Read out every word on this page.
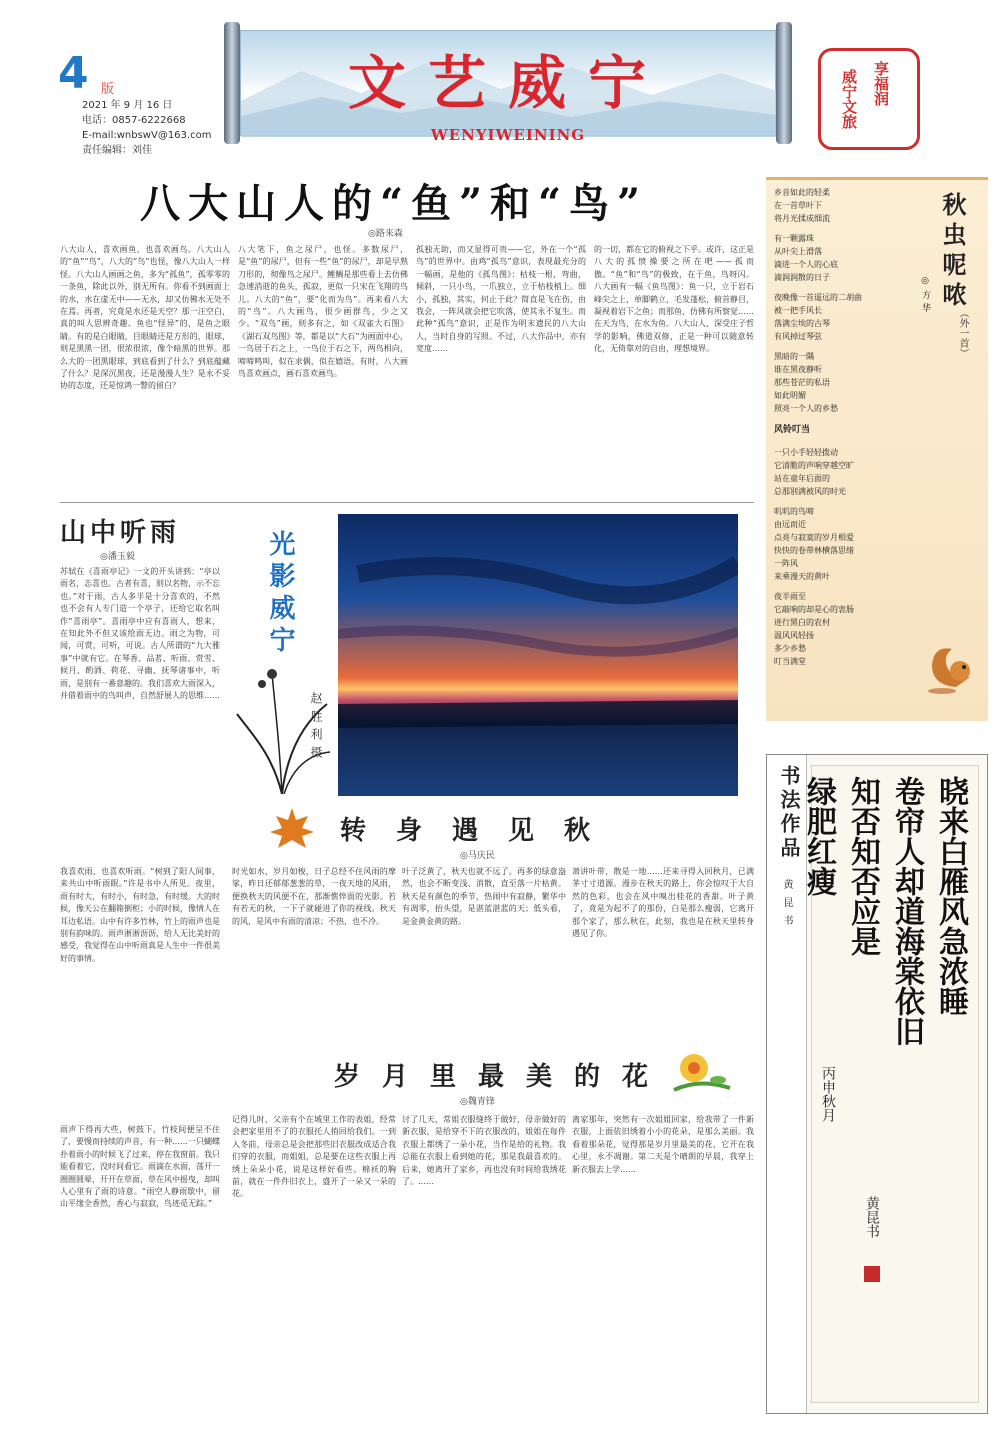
4 版
2021 年 9 月 16 日
电话：0857-6222668
E-mail:wnbswV@163.com
责任编辑：刘佳
文艺威宁
WENYIWEINING
享福润
威宁文旅
八大山人的“鱼”和“鸟”
◎路来森
八大山人，喜欢画鱼，也喜欢画鸟。八大山人的“鱼”“鸟”，八大的“鸟”也怪，像八大山人一样怪。八大山人画画之鱼，多为“孤鱼”，孤零零的一条鱼，除此以外，别无所有。你看不到画面上的水，水在虚无中——无水，却又仿佛水无处不在焉。再者，究竟是水还是天空？那一汪空白，真的叫人思辨奇趣。鱼也“怪异”的，是鱼之眼睛。有的是白眼睛，目眼睛还是方形的，眼球，则是黑黑一团，很浓很浓，像个暗黑的世界。那么大的一团黑眼球，到底看到了什么？到底蕴藏了什么？是深沉黑夜，还是漫漫人生？是永不妥协的态度，还是惊鸿一瞥的留白？
八大笔下，鱼之尿尸，也怪。多数尿尸，是“鱼”的尿尸，但有一些“鱼”的尿尸，却是早熟刀形的，彻像鸟之尿尸。鲤鲷是那些看上去仿佛急速消逝的鱼头，孤寂，更似一只宋在飞翔的鸟儿。八大的“鱼”，要“化而为鸟”。再来看八大的“鸟”。八大画鸟，很少画群鸟，少之又少。“双鸟”画，则多有之，如《双雀大石图》《湖石双鸟图》等，都是以“大石”为画面中心，一鸟居于石之上，一鸟位于石之下，两鸟相向，啼啼鸣叫，似在求偶，似在嬉语。有时，八大画鸟喜欢画点，画石喜欢画鸟。
孤独无助，而又显得可贵——它，外在一个“孤鸟”的世界中。由鸡“孤鸟”意识，表现最充分的一幅画，是他的《孤鸟图》：枯枝一根，弯曲，倾斜，一只小鸟，一爪独立，立于枯枝梢上。细小，孤独，其实，何止于此？简直是飞在伤，由我会，一阵风就会把它吹落，使其永不复生。而此种“孤鸟”意识，正是作为明末遗民的八大山人，当时自身的写照。不过，八大作品中，亦有宽度……
的一切，都在它的俯视之下乎。或许，这正是八大的孤愤操要之所在吧——孤而傲。“鱼”和“鸟”的极致，在于鱼，鸟呀闪。八大画有一幅《鱼鸟图》：鱼一只，立于岩石峰尖之上，单脚鹤立，毛发蓬松，俯首静目，凝视着岩下之鱼；而那鱼，仿佛有所察觉……在天为鸟，在水为鱼。八大山人，深受庄子哲学的影响，佛道双修，正是一种可以随意转化，无倚靠对的自由，理想境界。
山中听雨
◎潘玉毅
苏轼在《喜雨亭记》一文的开头讲到：“亭以雨名，志喜也。古者有喜，则以名物，示不忘也。”对于雨，古人多半是十分喜欢的，不然也不会有人专门造一个亭子，还给它取名叫作“喜雨亭”。喜雨亭中应有喜雨人，想来，在知此外不但又该给雨无边。雨之为物，可闻，可赏，可听，可说。古人所谓的“九大雅事”中就有它。在琴香、品茗、听雨、赏雪、候月、酌酒、荷花、寻幽、抚琴诸事中，听雨，是别有一番意趣的。我们喜欢大雨深入，并借着雨中的鸟叫声，自然舒展人的思维……
我喜欢雨，也喜欢听雨。“树到了阳人间事，来共山中听雨眠。”许是书中人所见。夜里，雨有时大，有时小，有时急，有时缓。大的时候，像天公在翻箱倒柜；小的时候，像情人在耳边私语。山中有许多竹林，竹上的雨声也是别有韵味的。雨声淅淅沥沥，给人无比美好的感受，我觉得在山中听雨真是人生中一件很美好的事情。
雨声下得再大些，树鼓下，竹枝间便呈不住了，要慢而持续的声音，有一种……一只蝴蝶扑着雨小的时候飞了过来，停在我窗前。我只能看着它，没时间看它。雨滴在水面，荡开一圈圈圆晕，开开在草面，草在风中摇曳，却叫人心里有了雨的诗意。“雨空人静雨歇中，留山平缘全香然，香心与寂寂，鸟迹觅无踪。”
光影威宁
赵胜利摄
转身遇见秋
◎马庆民
时光如水，岁月如梭，日子总经不住风雨的摩挲，昨日还郁郁葱葱的草，一夜天地的风雨，便换秋天的风便不在，那渐憔悴面的光影。若有若无的秋，一下子就碰进了你的视线。秋天的风，是风中有雨的清凉；不热，也不冷。
叶子泛黄了，秋天也就不远了。再多的绿意盎然，也会不断变浅、消散，直至落一片枯黄。秋天是有颜色的季节，热闹中有寂静，繁华中有凋零，抬头望，是湛蓝湛蓝的天；低头看，是金黄金黄的路。
萧讲叶带，散是一地……还来寻得入回秋月，已满茅寸寸道源。漫步在秋天的路上，你会惊叹于大自然的色彩，也会在风中嗅出桂花的香甜。叶子黄了，竟是为起不了的那份，白是那么瘦弱，它离开那个家了，那么秋在，此刻，我也是在秋天里转身遇见了你。
岁月里最美的花
◎魏青锋
记得儿时，父亲有个在城里工作的表姐，经常会把家里用不了的衣服托人捎回给我们。一到入冬前，母亲总是会把那些旧衣服改成适合我们穿的衣服，而姐姐，总是要在这些衣服上再绣上朵朵小花，说是这样好看些。棉袄的胸前，就在一件件旧衣上，盛开了一朵又一朵的花。
讨了几天，常姐衣服缝终于做好，母亲做好的新衣服，是给穿不下的衣服改的，姐姐在每件衣服上都绣了一朵小花，当作是给的礼物。我总能在衣服上看到她的花，那是我最喜欢的。后来，她离开了家乡，再也没有时间给我绣花了。……
离家那年，突然有一次姐姐回家，给我带了一件新衣服，上面依旧绣着小小的花朵，是那么美丽。我看着那朵花，觉得那是岁月里最美的花，它开在我心里，永不凋谢。第二天是个晴朗的早晨，我穿上新衣服去上学……
秋虫呢哝
（外一首）
◎方华
乡音如此的轻柔
在一首草叶下
将月光揉成细流
有一颗露珠
从叶尖上滑落
滴进一个人的心底
滴润润散的日子
夜晚像一首遥远的二胡曲
被一把手风长
落满尘埃的古琴
有风掉过琴弦
黑暗的一隅
谁在黑夜静听
那些苍茫的私语
如此明媚
照亮一个人的乡愁
风铃叮当
一只小手轻轻拨动
它清脆的声响穿越空旷
站在童年后面的
总那别满被风的时光
叽叽的鸟啼
由远而近
点亮与寂寞的岁月相爱
快快的卷带林横落思绪
一阵风
来乘漫天的黄叶
夜半雨至
它敲响的却是心的衷肠
进行黑白的农村
温风风轻扬
多少乡愁
叮当满堂
书法作品
黄昆书	晓来白雁风急浓睡
卷帘人却道海棠依旧
知否知否应是
绿肥红瘦
丙申秋月
黄昆书
